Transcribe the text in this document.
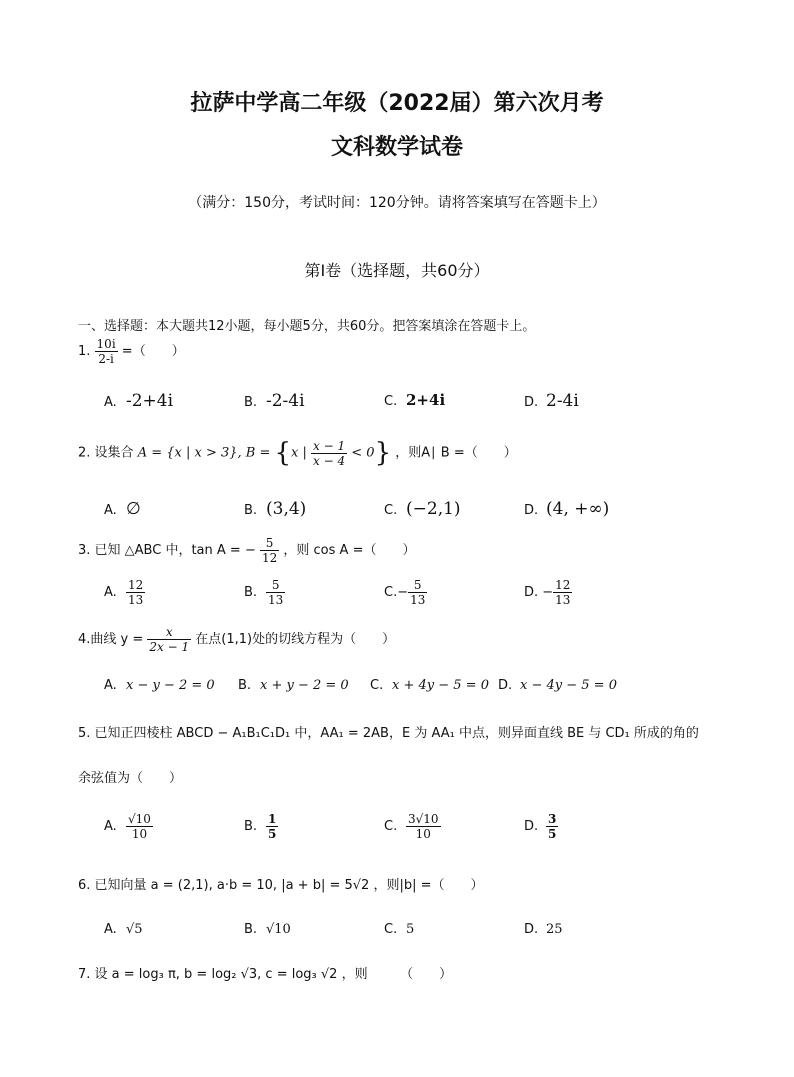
拉萨中学高二年级（2022届）第六次月考
文科数学试卷
（满分：150分，考试时间：120分钟。请将答案填写在答题卡上）
第Ⅰ卷（选择题，共60分）
一、选择题：本大题共12小题，每小题5分，共60分。把答案填涂在答题卡上。
1. $\frac{10i}{2-i}$ =（　　）
A. -2+4i	B. -2-4i	C. 2+4i	D. 2-4i
2. 设集合 A = {x | x > 3}, B = {x | $\frac{x - 1}{x - 4} < 0$} ，则A∣ B =（　　）
A. ∅	B. (3,4)	C. (−2,1)	D. (4, +∞)
3. 已知 △ABC 中，tan A = − $\frac{5}{12}$ ，则 cos A =（　　）
A. $\frac{12}{13}$	B. $\frac{5}{13}$	$C.- \frac{5}{13}$	D. − $\frac{12}{13}$
4.曲线 $y = \frac{x}{2x - 1}$ 在点(1,1)处的切线方程为（　　）
A. x − y − 2 = 0 B. x + y − 2 = 0 C. x + 4y − 5 = 0 D. x − 4y − 5 = 0
5. 已知正四棱柱 ABCD − A₁B₁C₁D₁ 中，AA₁ = 2AB，E 为 AA₁ 中点，则异面直线 BE 与 CD₁ 所成的角的
余弦值为（　　）
A. $\frac{√10}{10}$	B. $\frac{1}{5}$	C. $\frac{3√10}{10}$	D. $\frac{3}{5}$
6. 已知向量 a = (2,1), a·b = 10, |a + b| = 5√2 ，则|b| =（　　）
A. √5	B. √10	C. 5	D. 25
7. 设 a = log₃ π, b = log₂ √3, c = log₃ √2 ，则　　　（　　）
